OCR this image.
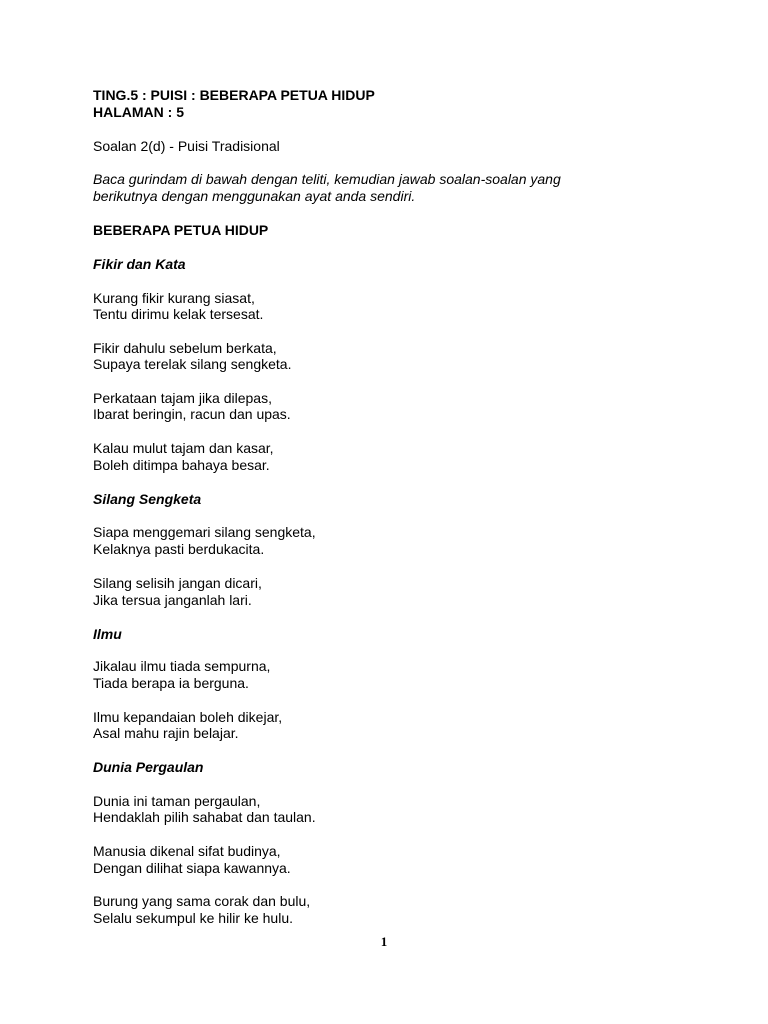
TING.5 : PUISI : BEBERAPA PETUA HIDUP
HALAMAN : 5
Soalan 2(d) - Puisi Tradisional
Baca gurindam di bawah dengan teliti, kemudian jawab soalan-soalan yang
berikutnya dengan menggunakan ayat anda sendiri.
BEBERAPA PETUA HIDUP
Fikir dan Kata
Kurang fikir kurang siasat,
Tentu dirimu kelak tersesat.
Fikir dahulu sebelum berkata,
Supaya terelak silang sengketa.
Perkataan tajam jika dilepas,
Ibarat beringin, racun dan upas.
Kalau mulut tajam dan kasar,
Boleh ditimpa bahaya besar.
Silang Sengketa
Siapa menggemari silang sengketa,
Kelaknya pasti berdukacita.
Silang selisih jangan dicari,
Jika tersua janganlah lari.
Ilmu
Jikalau ilmu tiada sempurna,
Tiada berapa ia berguna.
Ilmu kepandaian boleh dikejar,
Asal mahu rajin belajar.
Dunia Pergaulan
Dunia ini taman pergaulan,
Hendaklah pilih sahabat dan taulan.
Manusia dikenal sifat budinya,
Dengan dilihat siapa kawannya.
Burung yang sama corak dan bulu,
Selalu sekumpul ke hilir ke hulu.
1
